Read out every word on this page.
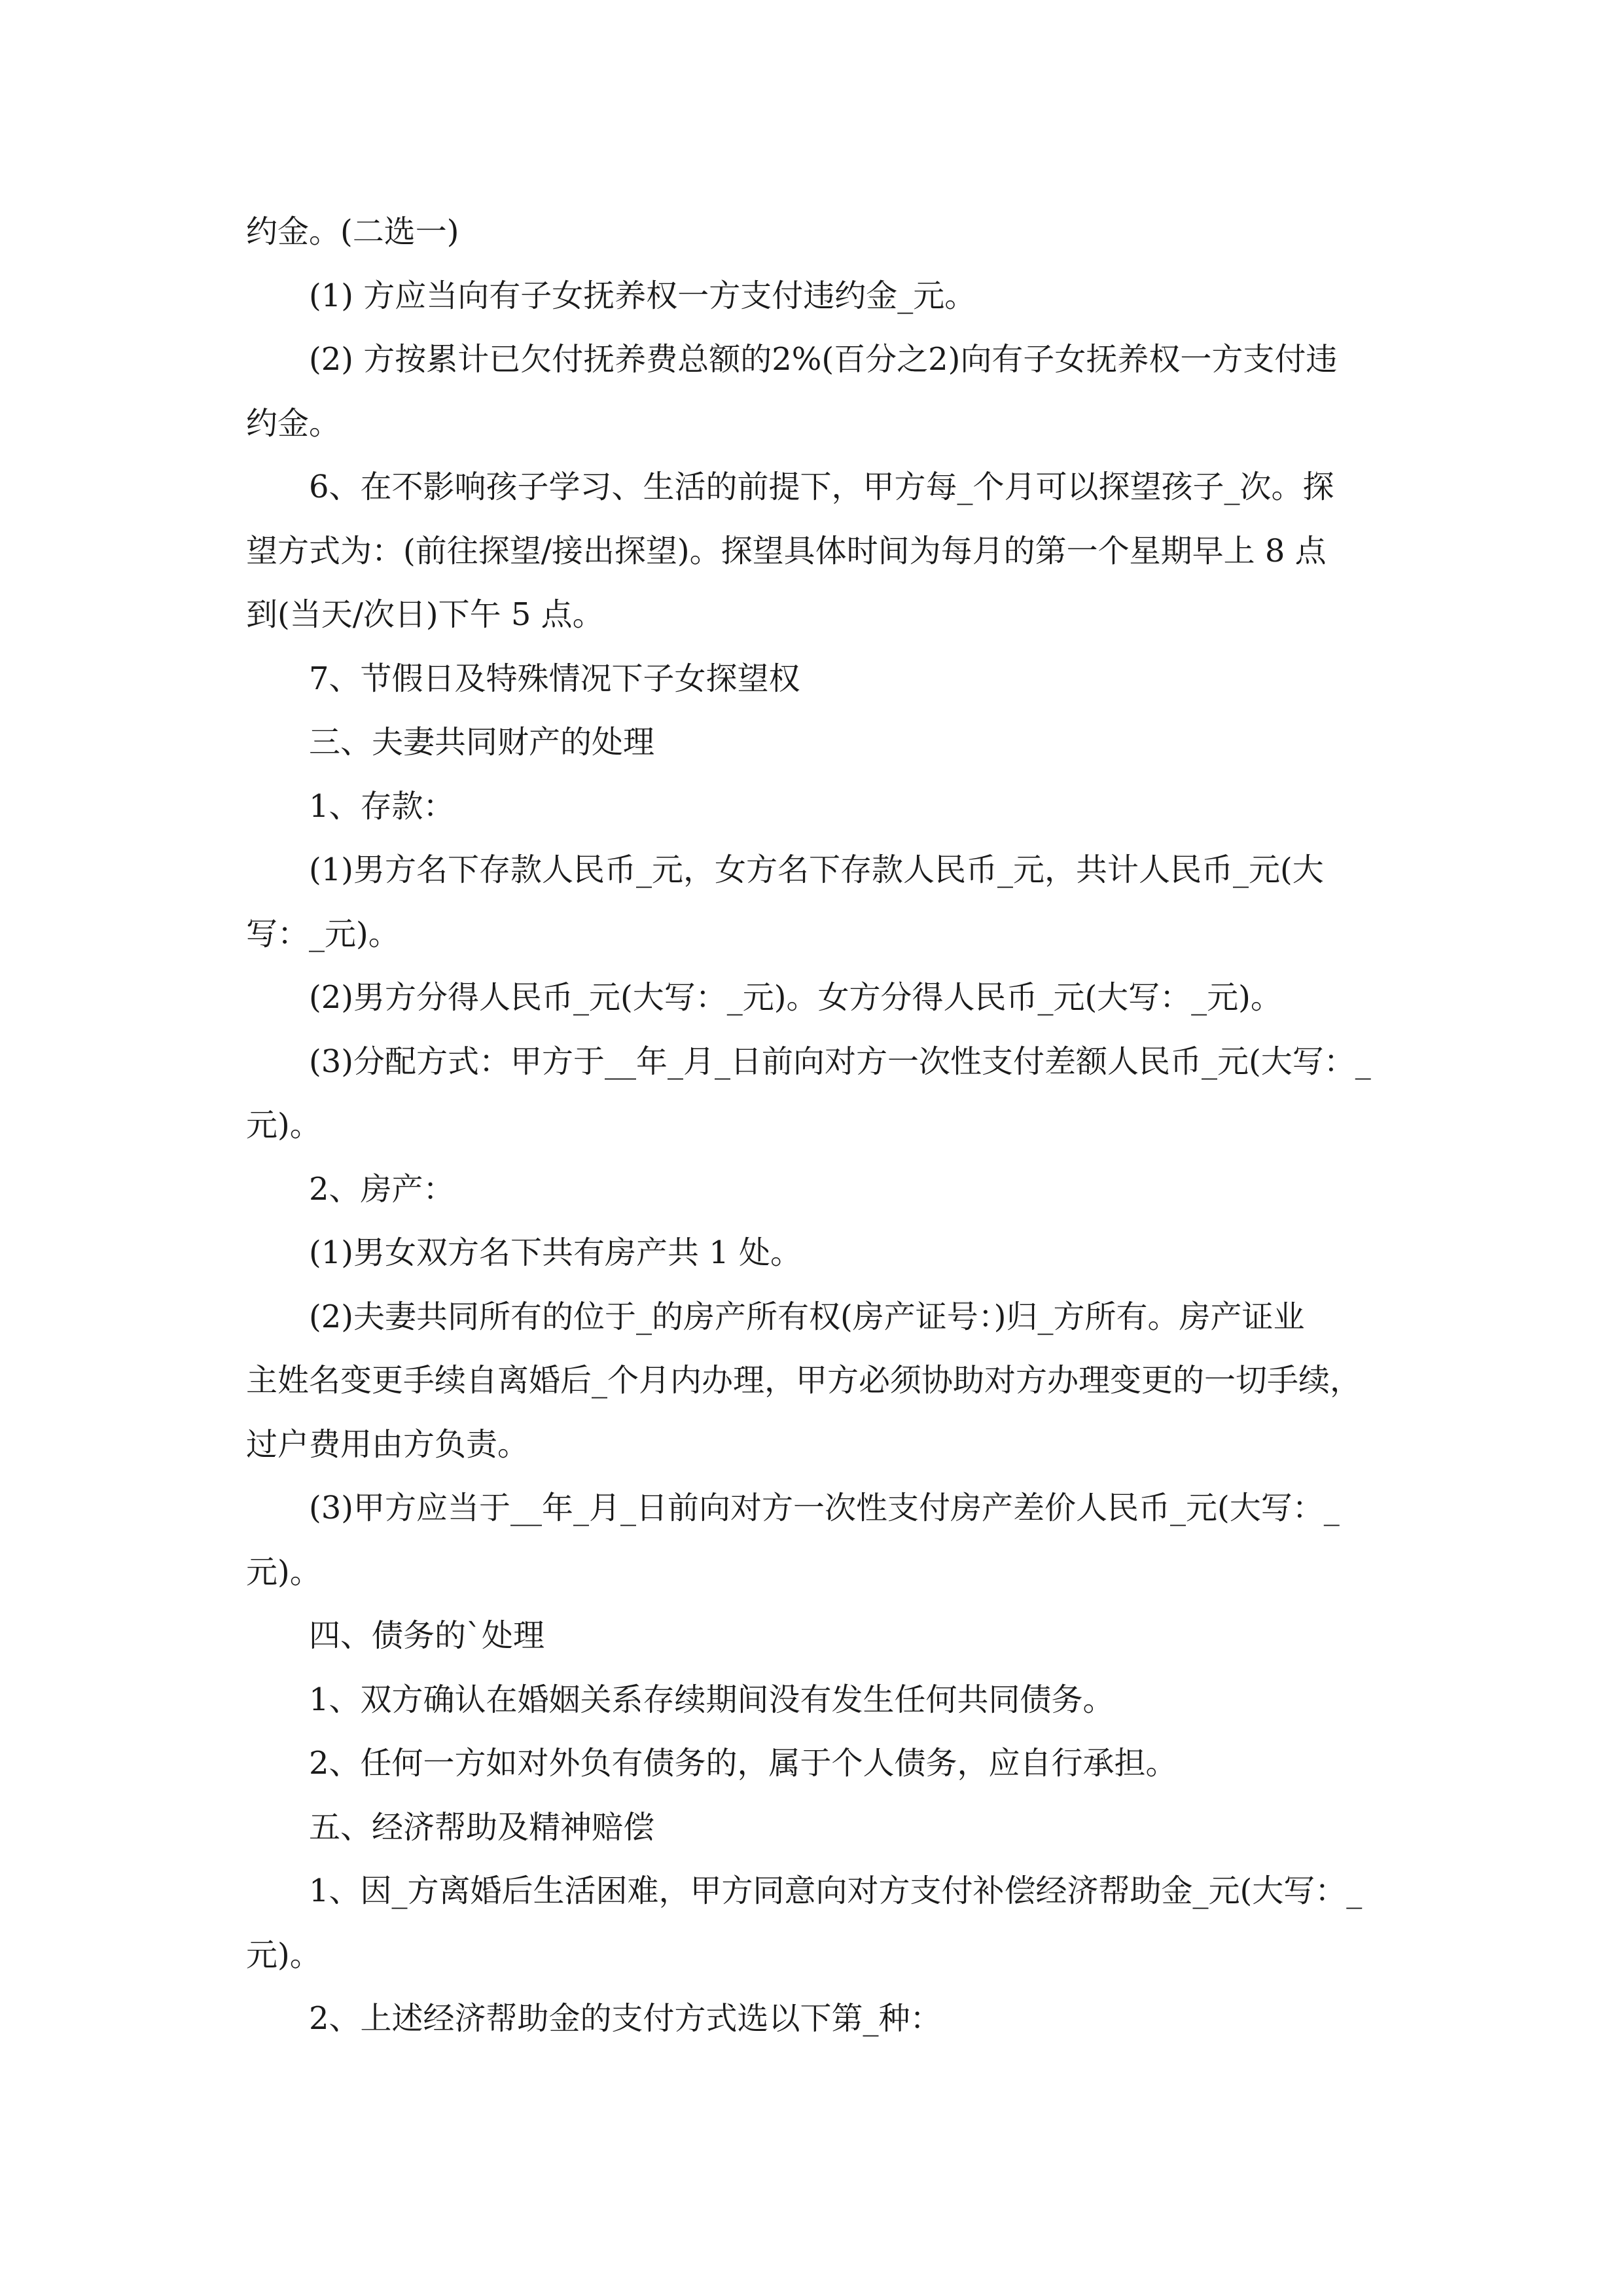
约金。(二选一)
(1) 方应当向有子女抚养权一方支付违约金_元。
(2) 方按累计已欠付抚养费总额的2%(百分之2)向有子女抚养权一方支付违
约金。
6、在不影响孩子学习、生活的前提下，甲方每_个月可以探望孩子_次。探
望方式为：(前往探望/接出探望)。探望具体时间为每月的第一个星期早上 8 点
到(当天/次日)下午 5 点。
7、节假日及特殊情况下子女探望权
三、夫妻共同财产的处理
1、存款：
(1)男方名下存款人民币_元，女方名下存款人民币_元，共计人民币_元(大
写：_元)。
(2)男方分得人民币_元(大写：_元)。女方分得人民币_元(大写：_元)。
(3)分配方式：甲方于__年_月_日前向对方一次性支付差额人民币_元(大写：_
元)。
2、房产：
(1)男女双方名下共有房产共 1 处。
(2)夫妻共同所有的位于_的房产所有权(房产证号：)归_方所有。房产证业
主姓名变更手续自离婚后_个月内办理，甲方必须协助对方办理变更的一切手续，
过户费用由方负责。
(3)甲方应当于__年_月_日前向对方一次性支付房产差价人民币_元(大写：_
元)。
四、债务的`处理
1、双方确认在婚姻关系存续期间没有发生任何共同债务。
2、任何一方如对外负有债务的，属于个人债务，应自行承担。
五、经济帮助及精神赔偿
1、因_方离婚后生活困难，甲方同意向对方支付补偿经济帮助金_元(大写：_
元)。
2、上述经济帮助金的支付方式选以下第_种：
